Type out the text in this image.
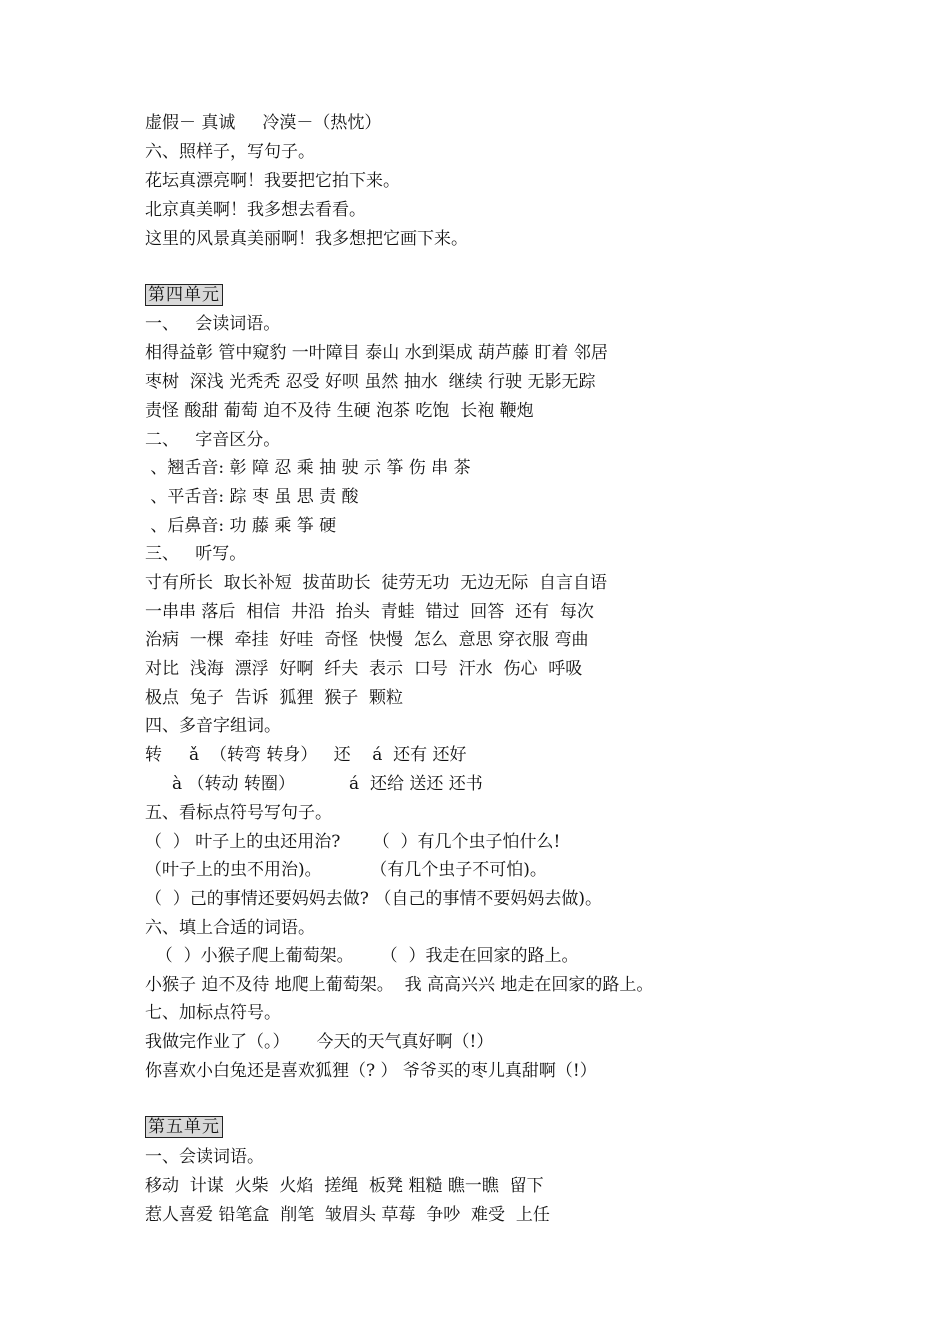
虚假－ 真诚     冷漠－（热忱）
六、照样子，写句子。
花坛真漂亮啊！我要把它拍下来。
北京真美啊！我多想去看看。
这里的风景真美丽啊！我多想把它画下来。
第四单元
一、   会读词语。
相得益彰 管中窥豹 一叶障目 泰山 水到渠成 葫芦藤 盯着 邻居
枣树  深浅 光秃秃 忍受 好呗 虽然 抽水  继续 行驶 无影无踪
责怪 酸甜 葡萄 迫不及待 生硬 泡茶 吃饱  长袍 鞭炮
二、   字音区分。
、翘舌音: 彰 障 忍 乘 抽 驶 示 筝 伤 串 茶
、平舌音: 踪 枣 虽 思 责 酸
、后鼻音: 功 藤 乘 筝 硬
三、   听写。
寸有所长  取长补短  拔苗助长  徒劳无功  无边无际  自言自语
一串串 落后  相信  井沿  抬头  青蛙  错过  回答  还有  每次
治病  一棵  牵挂  好哇  奇怪  快慢  怎么  意思 穿衣服 弯曲
对比  浅海  漂浮  好啊  纤夫  表示  口号  汗水  伤心  呼吸
极点  兔子  告诉  狐狸  猴子  颗粒
四、多音字组词。
转     ǎ  （转弯 转身）   还    á  还有 还好
à （转动 转圈）          á  还给 送还 还书
五、看标点符号写句子。
（  ） 叶子上的虫还用治?      （  ）有几个虫子怕什么!
（叶子上的虫不用治)。         （有几个虫子不可怕)。
（  ）己的事情还要妈妈去做? （自己的事情不要妈妈去做)。
六、填上合适的词语。
（  ）小猴子爬上葡萄架。     （  ）我走在回家的路上。
小猴子 迫不及待 地爬上葡萄架。  我 高高兴兴 地走在回家的路上。
七、加标点符号。
我做完作业了（。）     今天的天气真好啊（!）
你喜欢小白兔还是喜欢狐狸（? ） 爷爷买的枣儿真甜啊（!）
第五单元
一、会读词语。
移动  计谋  火柴  火焰  搓绳  板凳 粗糙 瞧一瞧  留下
惹人喜爱 铅笔盒  削笔  皱眉头 草莓  争吵  难受  上任
